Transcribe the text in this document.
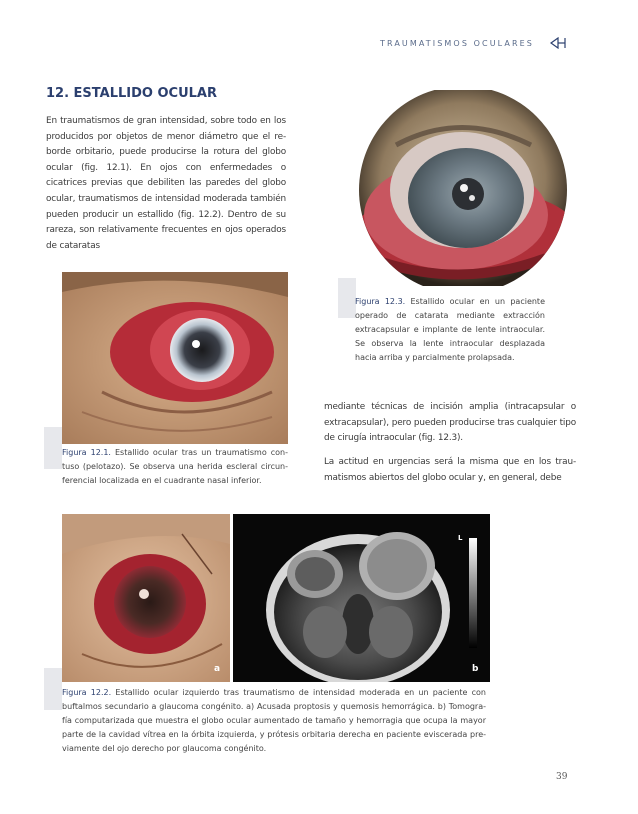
TRAUMATISMOS OCULARES
12. ESTALLIDO OCULAR
En traumatismos de gran intensidad, sobre todo en los producidos por objetos de menor diámetro que el re-borde orbitario, puede producirse la rotura del globo ocular (fig. 12.1). En ojos con enfermedades o cicatrices previas que debiliten las paredes del globo ocular, traumatismos de intensidad moderada también pueden producir un estallido (fig. 12.2). Dentro de su rareza, son relativamente frecuentes en ojos operados de cataratas
Figura 12.3. Estallido ocular en un paciente operado de catarata mediante extracción extracapsular e implante de lente intraocular. Se observa la lente intraocular desplazada hacia arriba y parcialmente prolapsada.
Figura 12.1. Estallido ocular tras un traumatismo con-tuso (pelotazo). Se observa una herida escleral circun-ferencial localizada en el cuadrante nasal inferior.
mediante técnicas de incisión amplia (intracapsular o extracapsular), pero pueden producirse tras cualquier tipo de cirugía intraocular (fig. 12.3).
La actitud en urgencias será la misma que en los trau-matismos abiertos del globo ocular y, en general, debe
a
L
b
Figura 12.2. Estallido ocular izquierdo tras traumatismo de intensidad moderada en un paciente con buftalmos secundario a glaucoma congénito. a) Acusada proptosis y quemosis hemorrágica. b) Tomogra-fía computarizada que muestra el globo ocular aumentado de tamaño y hemorragia que ocupa la mayor parte de la cavidad vítrea en la órbita izquierda, y prótesis orbitaria derecha en paciente eviscerada pre-viamente del ojo derecho por glaucoma congénito.
39
